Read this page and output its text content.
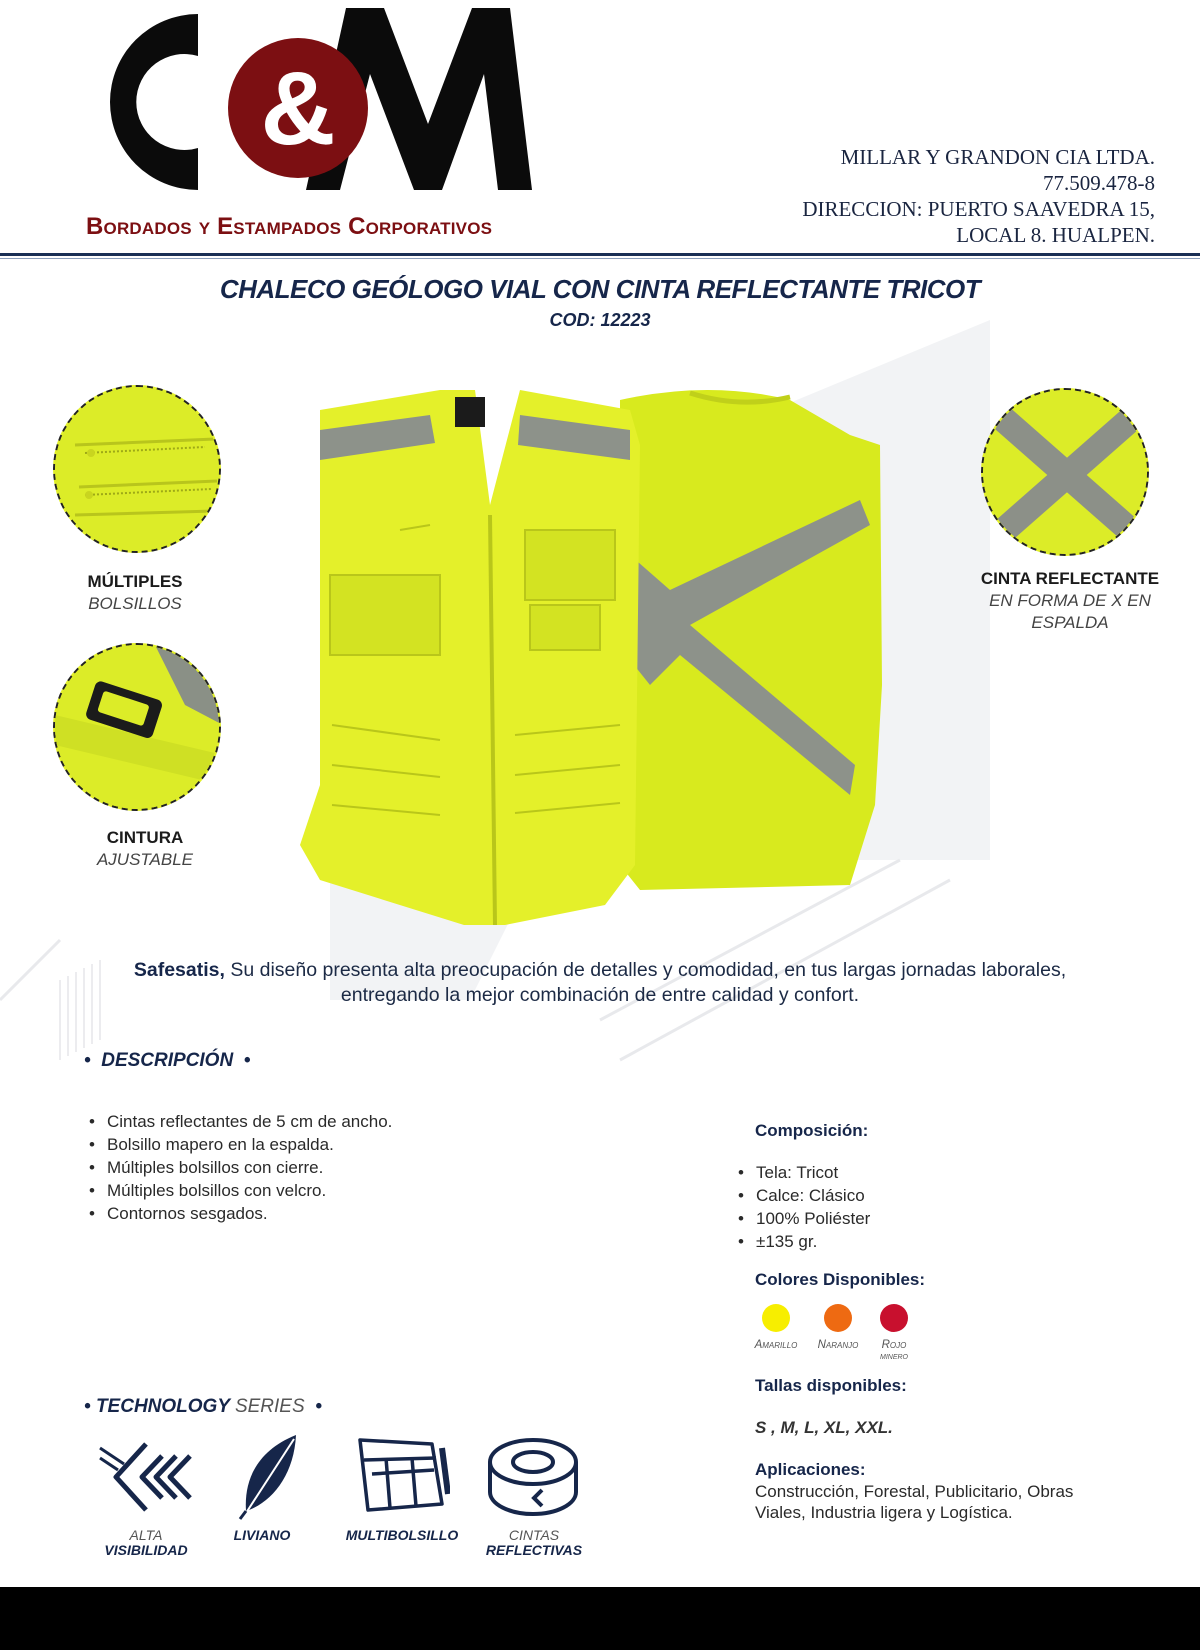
&
Bordados y Estampados Corporativos
MILLAR Y GRANDON CIA LTDA.
77.509.478-8
DIRECCION: PUERTO SAAVEDRA 15,
LOCAL 8. HUALPEN.
CHALECO GEÓLOGO VIAL CON CINTA REFLECTANTE TRICOT
COD: 12223
MÚLTIPLES
BOLSILLOS
CINTURA
AJUSTABLE
CINTA REFLECTANTE
EN FORMA DE X EN
ESPALDA
Safesatis, Su diseño presenta alta preocupación de detalles y comodidad, en tus largas jornadas laborales,
entregando la mejor combinación de entre calidad y confort.
•  DESCRIPCIÓN  •
• Cintas reflectantes de 5 cm de ancho.
• Bolsillo mapero en la espalda.
• Múltiples bolsillos con cierre.
• Múltiples bolsillos con velcro.
• Contornos sesgados.
Composición:
• Tela: Tricot
• Calce: Clásico
• 100% Poliéster
• ±135 gr.
Colores Disponibles:
Amarillo	Naranjo	Rojo
minero
Tallas disponibles:
S , M, L, XL, XXL.
Aplicaciones:
Construcción, Forestal, Publicitario, Obras
Viales, Industria ligera y Logística.
• TECHNOLOGY SERIES  •
ALTA
VISIBILIDAD
LIVIANO	MULTIBOLSILLO	CINTAS
REFLECTIVAS
